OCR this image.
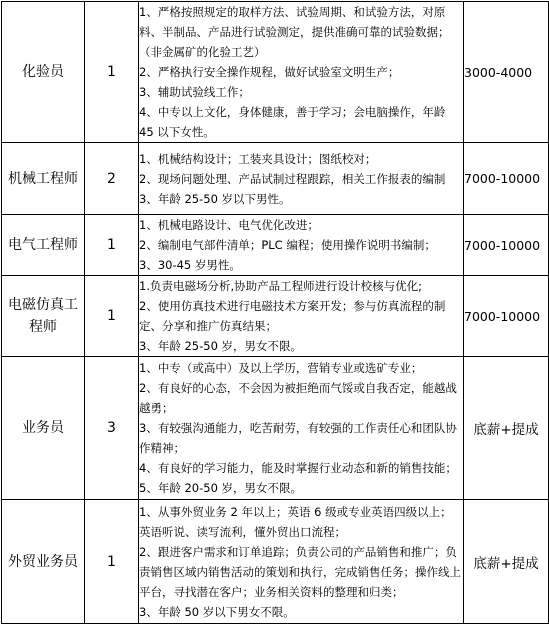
化验员	1	1、严格按照规定的取样方法、试验周期、和试验方法，对原料、半制品、产品进行试验测定，提供准确可靠的试验数据；（非金属矿的化验工艺）
2、严格执行安全操作规程，做好试验室文明生产；
3、辅助试验线工作；
4、中专以上文化，身体健康，善于学习；会电脑操作，年龄 45 以下女性。	3000-4000
机械工程师	2	1、机械结构设计；工装夹具设计；图纸校对；
2、现场问题处理、产品试制过程跟踪，相关工作报表的编制
3、年龄 25-50 岁以下男性。	7000-10000
电气工程师	1	1、机械电路设计、电气优化改进；
2、编制电气部件清单；PLC 编程；使用操作说明书编制；
3、30-45 岁男性。	7000-10000
电磁仿真工程师	1	1.负责电磁场分析,协助产品工程师进行设计校核与优化;
2、使用仿真技术进行电磁技术方案开发；参与仿真流程的制定、分享和推广仿真结果；
3、年龄 25-50 岁，男女不限。	7000-10000
业务员	3	1、中专（或高中）及以上学历，营销专业或选矿专业；
2、有良好的心态，不会因为被拒绝而气馁或自我否定，能越战越勇；
3、有较强沟通能力，吃苦耐劳，有较强的工作责任心和团队协作精神；
4、有良好的学习能力，能及时掌握行业动态和新的销售技能；
5、年龄 20-50 岁，男女不限。	底薪+提成
外贸业务员	1	1、从事外贸业务 2 年以上；英语 6 级或专业英语四级以上；英语听说、读写流利，懂外贸出口流程；
2、跟进客户需求和订单追踪；负责公司的产品销售和推广；负责销售区域内销售活动的策划和执行，完成销售任务；操作线上平台，寻找潜在客户；业务相关资料的整理和归类；
3、年龄 50 岁以下男女不限。	底薪+提成
